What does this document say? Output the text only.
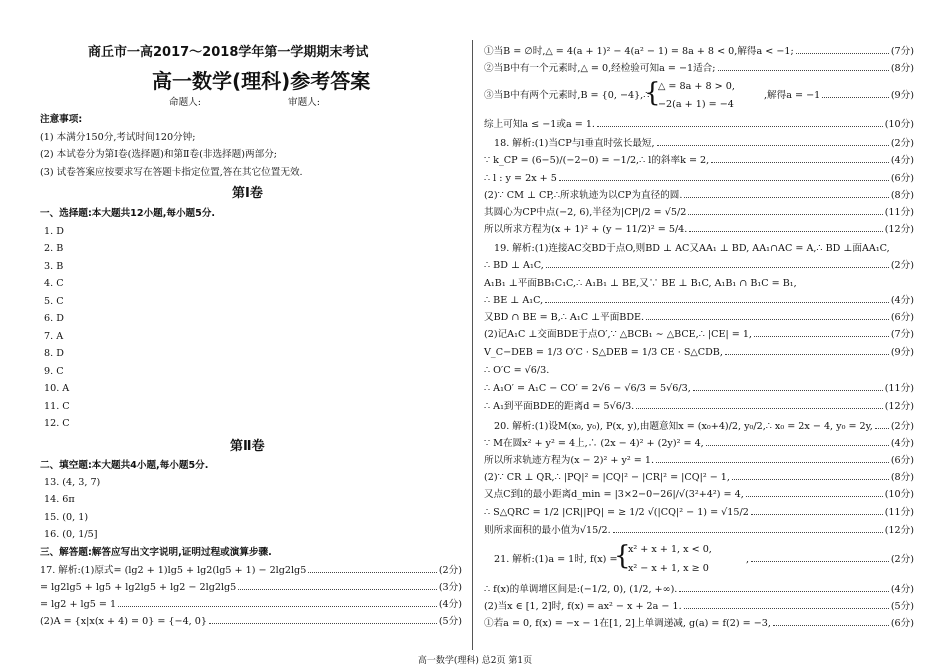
商丘市一高2017～2018学年第一学期期末考试
高一数学(理科)参考答案
命题人:	审题人:
注意事项:
(1) 本满分150分,考试时间120分钟;
(2) 本试卷分为第Ⅰ卷(选择题)和第Ⅱ卷(非选择题)两部分;
(3) 试卷答案应按要求写在答题卡指定位置,答在其它位置无效.
第Ⅰ卷
一、选择题:本大题共12小题,每小题5分.
1. D
2. B
3. B
4. C
5. C
6. D
7. A
8. D
9. C
10. A
11. C
12. C
第Ⅱ卷
二、填空题:本大题共4小题,每小题5分.
13. (4, 3, 7)
14. 6π
15. (0, 1)
16. (0, 1/5]
三、解答题:解答应写出文字说明,证明过程或演算步骤.
17. 解析:(1)原式= (lg2 + 1)lg5 + lg2(lg5 + 1) − 2lg2lg5	(2分)
= lg2lg5 + lg5 + lg2lg5 + lg2 − 2lg2lg5	(3分)
= lg2 + lg5 = 1	(4分)
(2)A = {x|x(x + 4) = 0} = {−4, 0}	(5分)
①当B = ∅时,△ = 4(a + 1)² − 4(a² − 1) = 8a + 8 < 0,解得a < −1;	(7分)
②当B中有一个元素时,△ = 0,经检验可知a = −1适合;	(8分)
③当B中有两个元素时,B = {0, −4},∴
{
△ = 8a + 8 > 0,
−2(a + 1) = −4
,解得a = −1	(9分)
综上可知a ≤ −1或a = 1.	(10分)
18. 解析:(1)当CP与l垂直时弦长最短,	(2分)
∵ k_CP = (6−5)/(−2−0) = −1/2,∴ l的斜率k = 2,	(4分)
∴ l : y = 2x + 5	(6分)
(2)∵ CM ⊥ CP,∴所求轨迹为以CP为直径的圆.	(8分)
其圆心为CP中点(−2, 6),半径为|CP|/2 = √5/2	(11分)
所以所求方程为(x + 1)² + (y − 11/2)² = 5/4.	(12分)
19. 解析:(1)连接AC交BD于点O,则BD ⊥ AC又AA₁ ⊥ BD, AA₁∩AC = A,∴ BD ⊥面AA₁C,
∴ BD ⊥ A₁C,	(2分)
A₁B₁ ⊥平面BB₁C₁C,∴ A₁B₁ ⊥ BE,又∵ BE ⊥ B₁C, A₁B₁ ∩ B₁C = B₁,
∴ BE ⊥ A₁C,	(4分)
又BD ∩ BE = B,∴ A₁C ⊥平面BDE.	(6分)
(2)记A₁C ⊥交面BDE于点O′,∵ △BCB₁ ∼ △BCE,∴ |CE| = 1,	(7分)
V_C−DEB = 1/3 O′C · S△DEB = 1/3 CE · S△CDB,	(9分)
∴ O′C = √6/3.
∴ A₁O′ = A₁C − CO′ = 2√6 − √6/3 = 5√6/3,	(11分)
∴ A₁到平面BDE的距离d = 5√6/3.	(12分)
20. 解析:(1)设M(x₀, y₀), P(x, y),由题意知x = (x₀+4)/2, y₀/2,∴ x₀ = 2x − 4, y₀ = 2y, (2分)
∵ M在圆x² + y² = 4上,∴ (2x − 4)² + (2y)² = 4,	(4分)
所以所求轨迹方程为(x − 2)² + y² = 1.	(6分)
(2)∵ CR ⊥ QR,∴ |PQ|² = |CQ|² − |CR|² = |CQ|² − 1,	(8分)
又点C到l的最小距离d_min = |3×2−0−26|/√(3²+4²) = 4,	(10分)
∴ S△QRC = 1/2 |CR||PQ| = ≥ 1/2 √(|CQ|² − 1) = √15/2	(11分)
则所求面积的最小值为√15/2.	(12分)
21. 解析:(1)a = 1时, f(x) =
{
x² + x + 1, x < 0,
x² − x + 1, x ≥ 0
,	(2分)
∴ f(x)的单调增区间是:(−1/2, 0), (1/2, +∞).	(4分)
(2)当x ∈ [1, 2]时, f(x) = ax² − x + 2a − 1.	(5分)
①若a = 0, f(x) = −x − 1在[1, 2]上单调递减, g(a) = f(2) = −3,	(6分)
高一数学(理科) 总2页 第1页
